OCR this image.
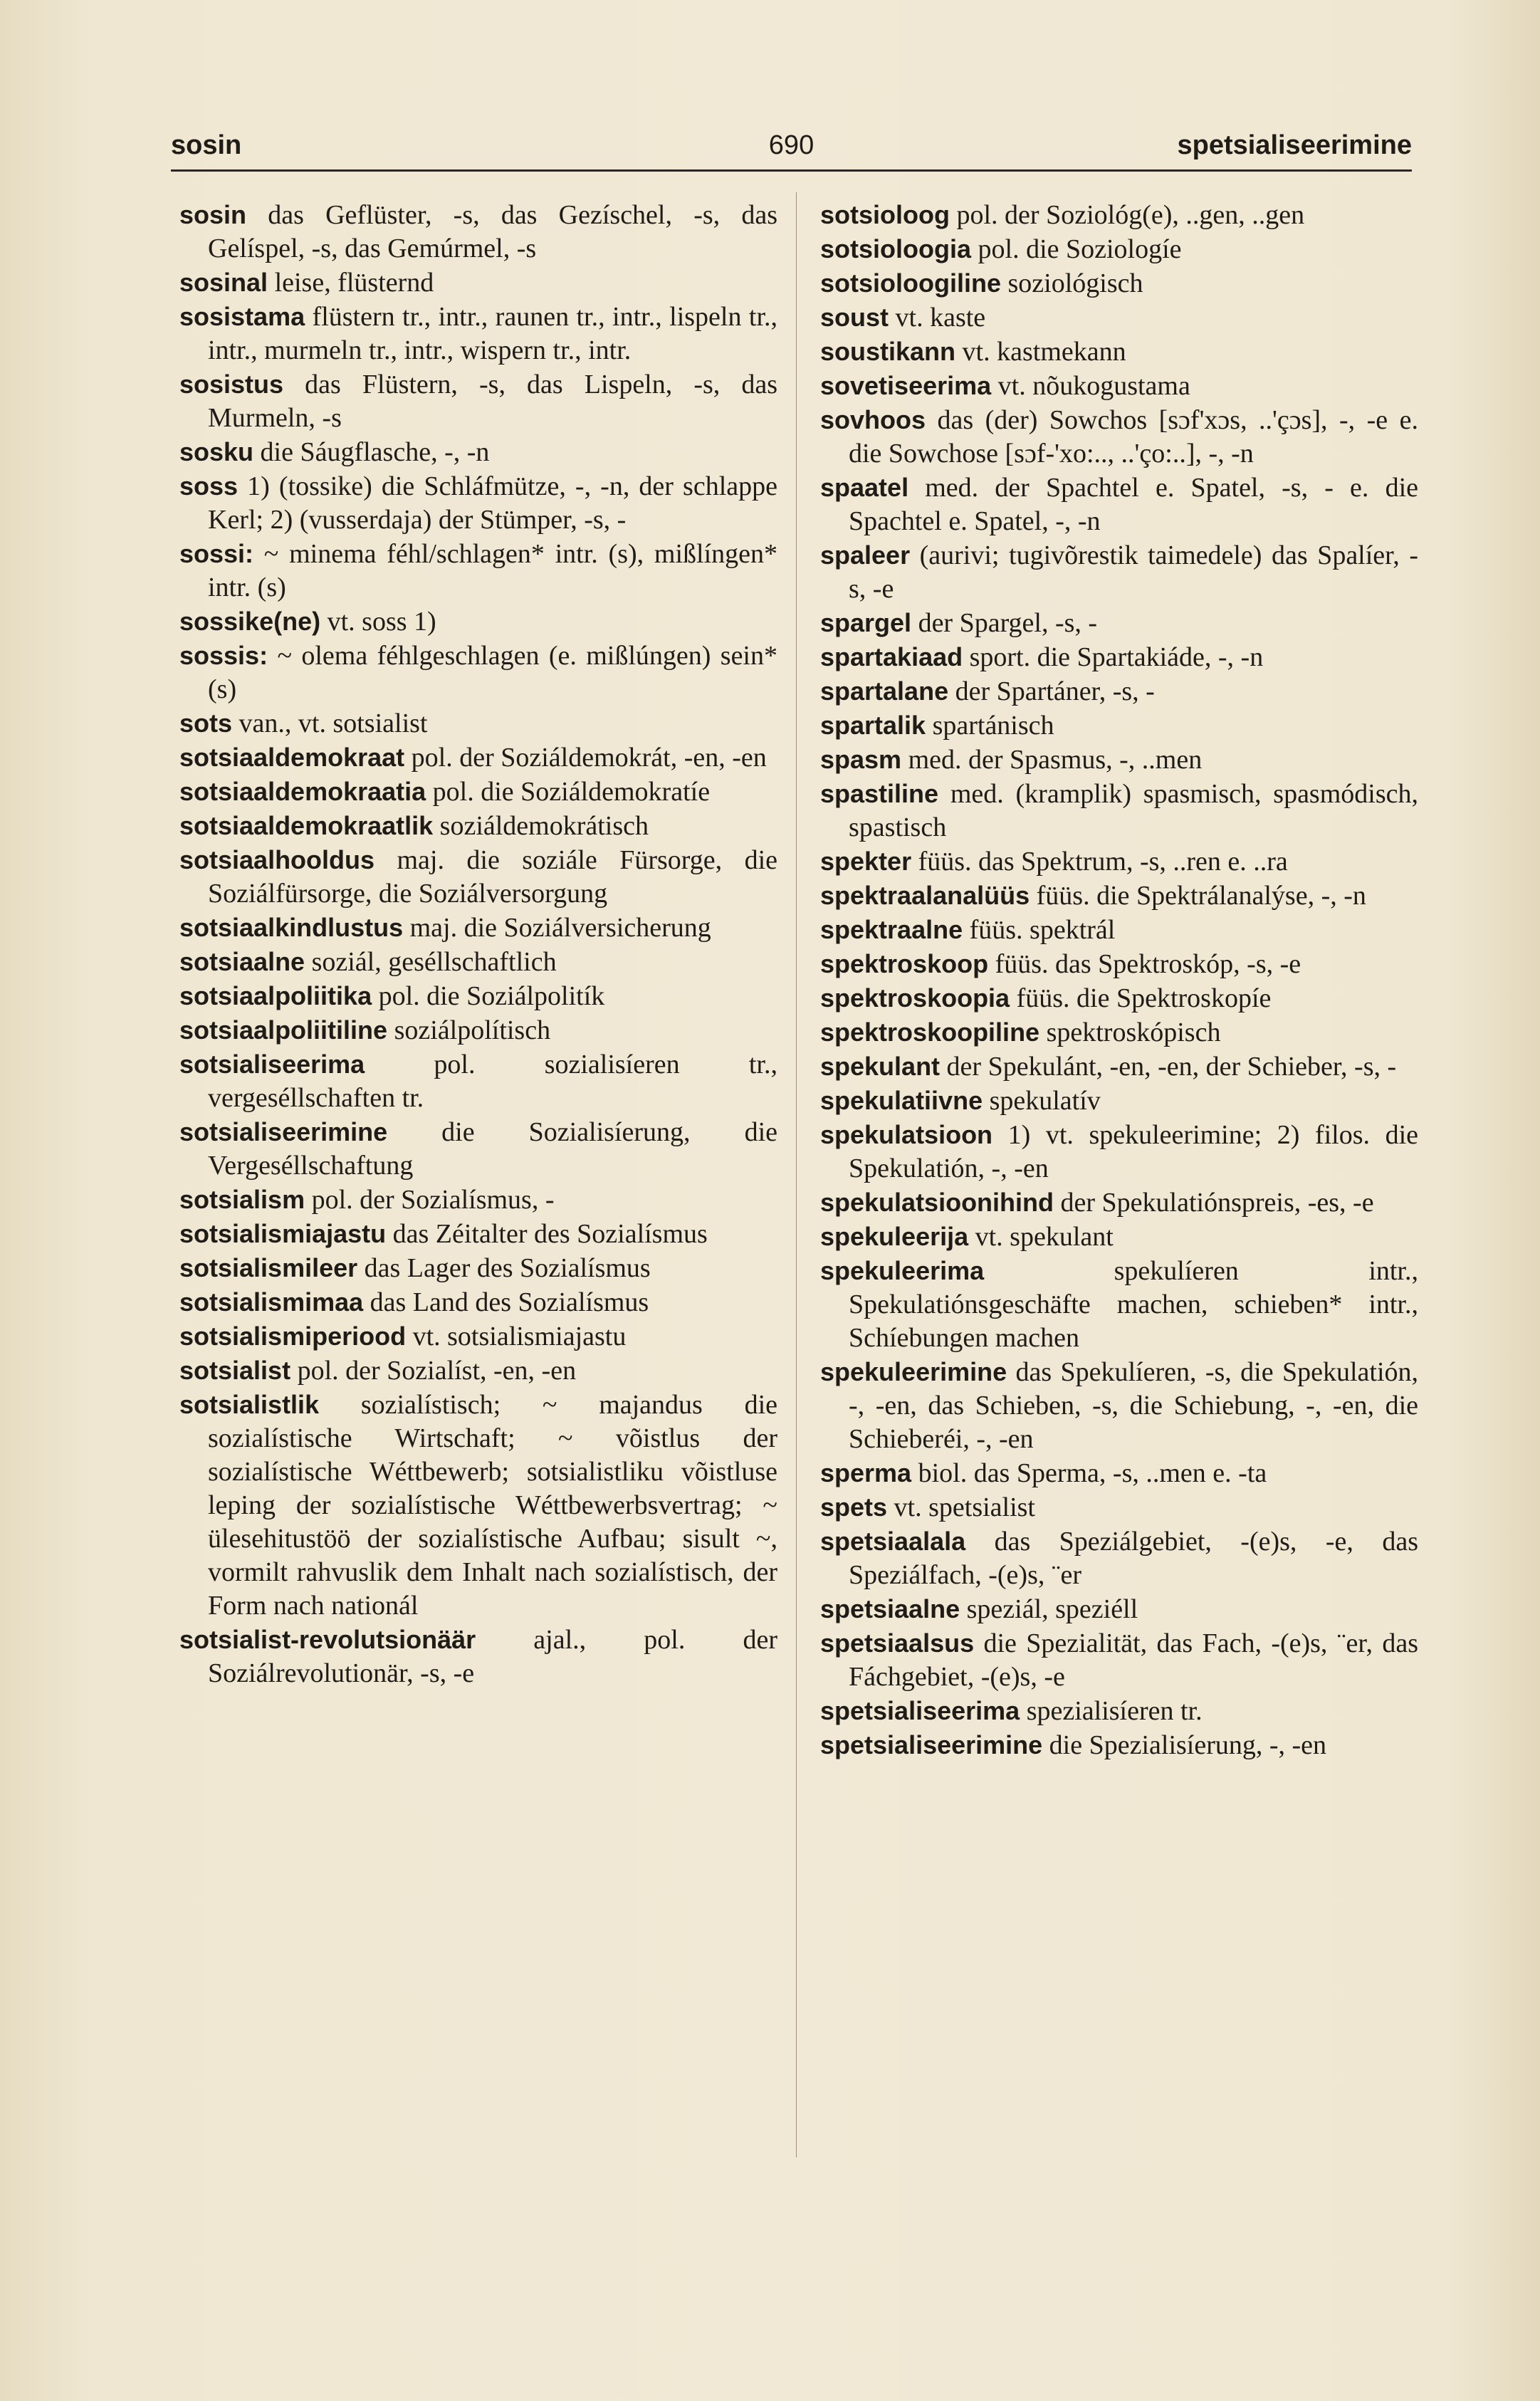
sosin	690	spetsialiseerimine

sosin das Geflüster, -s, das Gezíschel, -s, das Gelíspel, -s, das Gemúrmel, -s

sosinal leise, flüsternd

sosistama flüstern tr., intr., raunen tr., intr., lispeln tr., intr., murmeln tr., intr., wispern tr., intr.

sosistus das Flüstern, -s, das Lispeln, -s, das Murmeln, -s

sosku die Sáugflasche, -, -n

soss 1) (tossike) die Schláfmütze, -, -n, der schlappe Kerl; 2) (vusserdaja) der Stümper, -s, -

sossi: ~ minema féhl/schlagen* intr. (s), mißlíngen* intr. (s)

sossike(ne) vt. soss 1)

sossis: ~ olema féhlgeschlagen (e. mißlúngen) sein* (s)

sots van., vt. sotsialist

sotsiaaldemokraat pol. der Soziáldemokrát, -en, -en

sotsiaaldemokraatia pol. die Soziáldemokratíe

sotsiaaldemokraatlik soziáldemokrátisch

sotsiaalhooldus maj. die soziále Fürsorge, die Soziálfürsorge, die Soziálversorgung

sotsiaalkindlustus maj. die Soziálversicherung

sotsiaalne soziál, geséllschaftlich

sotsiaalpoliitika pol. die Soziálpolitík

sotsiaalpoliitiline soziálpolítisch

sotsialiseerima pol. sozialisíeren tr., vergeséllschaften tr.

sotsialiseerimine die Sozialisíerung, die Vergeséllschaftung

sotsialism pol. der Sozialísmus, -

sotsialismiajastu das Zéitalter des Sozialísmus

sotsialismileer das Lager des Sozialísmus

sotsialismimaa das Land des Sozialísmus

sotsialismiperiood vt. sotsialismiajastu

sotsialist pol. der Sozialíst, -en, -en

sotsialistlik sozialístisch; ~ majandus die sozialístische Wirtschaft; ~ võistlus der sozialístische Wéttbewerb; sotsialistliku võistluse leping der sozialístische Wéttbewerbsvertrag; ~ ülesehitustöö der sozialístische Aufbau; sisult ~, vormilt rahvuslik dem Inhalt nach sozialístisch, der Form nach nationál

sotsialist-revolutsionäär ajal., pol. der Soziálrevolutionär, -s, -e

sotsioloog pol. der Soziológ(e), ..gen, ..gen

sotsioloogia pol. die Soziologíe

sotsioloogiline soziológisch

soust vt. kaste

soustikann vt. kastmekann

sovetiseerima vt. nõukogustama

sovhoos das (der) Sowchos [sɔf'xɔs, ..'çɔs], -, -e e. die Sowchose [sɔf-'xo:.., ..'ço:..], -, -n

spaatel med. der Spachtel e. Spatel, -s, - e. die Spachtel e. Spatel, -, -n

spaleer (aurivi; tugivõrestik taimedele) das Spalíer, -s, -e

spargel der Spargel, -s, -

spartakiaad sport. die Spartakiáde, -, -n

spartalane der Spartáner, -s, -

spartalik spartánisch

spasm med. der Spasmus, -, ..men

spastiline med. (kramplik) spasmisch, spasmódisch, spastisch

spekter füüs. das Spektrum, -s, ..ren e. ..ra

spektraalanalüüs füüs. die Spektrálanalýse, -, -n

spektraalne füüs. spektrál

spektroskoop füüs. das Spektroskóp, -s, -e

spektroskoopia füüs. die Spektroskopíe

spektroskoopiline spektroskópisch

spekulant der Spekulánt, -en, -en, der Schieber, -s, -

spekulatiivne spekulatív

spekulatsioon 1) vt. spekuleerimine; 2) filos. die Spekulatión, -, -en

spekulatsioonihind der Spekulatiónspreis, -es, -e

spekuleerija vt. spekulant

spekuleerima spekulíeren intr., Spekulatiónsgeschäfte machen, schieben* intr., Schíebungen machen

spekuleerimine das Spekulíeren, -s, die Spekulatión, -, -en, das Schieben, -s, die Schiebung, -, -en, die Schieberéi, -, -en

sperma biol. das Sperma, -s, ..men e. -ta

spets vt. spetsialist

spetsiaalala das Speziálgebiet, -(e)s, -e, das Speziálfach, -(e)s, ¨er

spetsiaalne speziál, speziéll

spetsiaalsus die Spezialität, das Fach, -(e)s, ¨er, das Fáchgebiet, -(e)s, -e

spetsialiseerima spezialisíeren tr.

spetsialiseerimine die Spezialisíerung, -, -en
